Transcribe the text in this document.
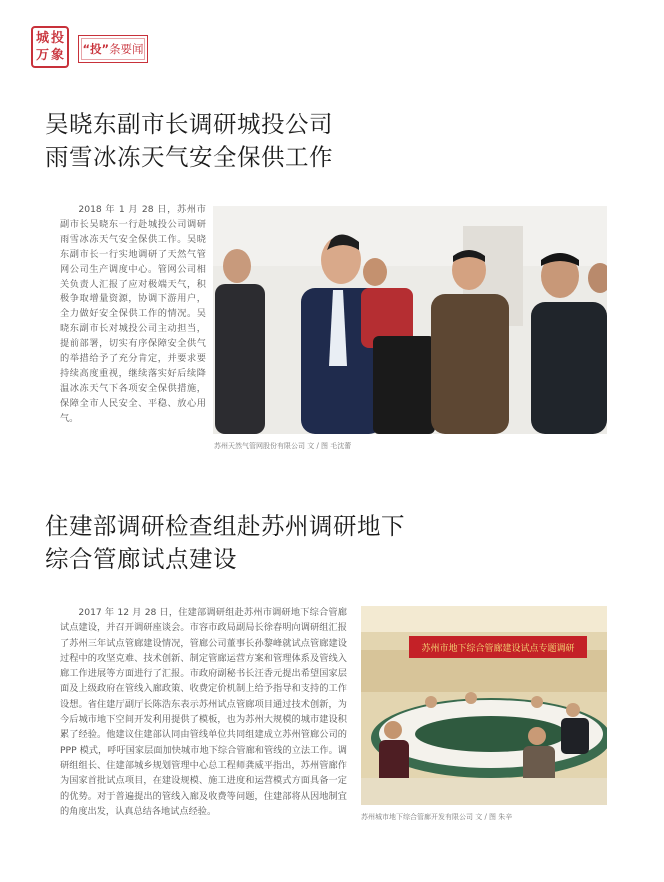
城 投
万 象 “投” 条要闻
吴晓东副市长调研城投公司
雨雪冰冻天气安全保供工作

2018 年 1 月 28 日，苏州市副市长吴晓东一行赴城投公司调研雨雪冰冻天气安全保供工作。吴晓东副市长一行实地调研了天然气管网公司生产调度中心。管网公司相关负责人汇报了应对极端天气，积极争取增量资源，协调下游用户，全力做好安全保供工作的情况。吴晓东副市长对城投公司主动担当，提前部署，切实有序保障安全供气的举措给予了充分肯定，并要求要持续高度重视，继续落实好后续降温冰冻天气下各项安全保供措施，保障全市人民安全、平稳、放心用气。

苏州天然气管网股份有限公司 文 / 图 毛沈蕾
住建部调研检查组赴苏州调研地下
综合管廊试点建设

2017 年 12 月 28 日，住建部调研组赴苏州市调研地下综合管廊试点建设，并召开调研座谈会。市容市政局副局长徐春明向调研组汇报了苏州三年试点管廊建设情况，管廊公司董事长孙黎峰就试点管廊建设过程中的攻坚克难、技术创新、制定管廊运营方案和管理体系及管线入廊工作进展等方面进行了汇报。市政府副秘书长汪香元提出希望国家层面及上级政府在管线入廊政策、收费定价机制上给予指导和支持的工作设想。省住建厅副厅长陈浩东表示苏州试点管廊项目通过技术创新，为今后城市地下空间开发利用提供了模板，也为苏州大规模的城市建设积累了经验。他建议住建部认同由管线单位共同组建成立苏州管廊公司的 PPP 模式，呼吁国家层面加快城市地下综合管廊和管线的立法工作。调研组组长、住建部城乡规划管理中心总工程师龚威平指出，苏州管廊作为国家首批试点项目，在建设规模、施工进度和运营模式方面具备一定的优势。对于普遍提出的管线入廊及收费等问题，住建部将从因地制宜的角度出发，认真总结各地试点经验。

苏州市地下综合管廊建设试点专题调研
苏州城市地下综合管廊开发有限公司 文 / 图 朱辛
